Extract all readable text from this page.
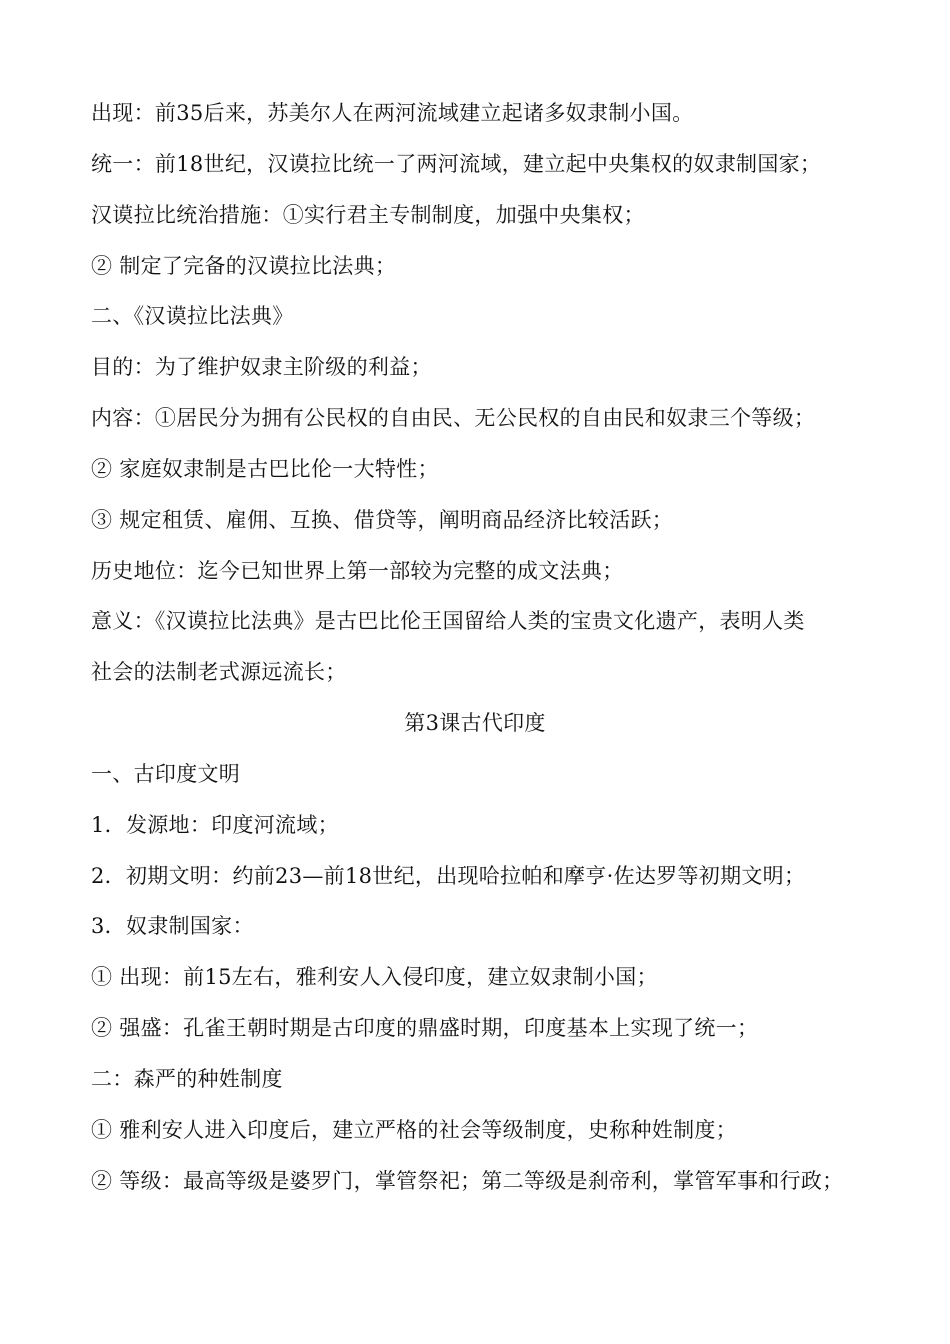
出现：前35后来，苏美尔人在两河流域建立起诸多奴隶制小国。
统一：前18世纪，汉谟拉比统一了两河流域，建立起中央集权的奴隶制国家；
汉谟拉比统治措施：①实行君主专制制度，加强中央集权；
② 制定了完备的汉谟拉比法典；
二、《汉谟拉比法典》
目的：为了维护奴隶主阶级的利益；
内容：①居民分为拥有公民权的自由民、无公民权的自由民和奴隶三个等级；
② 家庭奴隶制是古巴比伦一大特性；
③ 规定租赁、雇佣、互换、借贷等，阐明商品经济比较活跃；
历史地位：迄今已知世界上第一部较为完整的成文法典；
意义：《汉谟拉比法典》是古巴比伦王国留给人类的宝贵文化遗产，表明人类
社会的法制老式源远流长；
第3课古代印度
一、古印度文明
1．发源地：印度河流域；
2．初期文明：约前23—前18世纪，出现哈拉帕和摩亨·佐达罗等初期文明；
3．奴隶制国家：
① 出现：前15左右，雅利安人入侵印度，建立奴隶制小国；
② 强盛：孔雀王朝时期是古印度的鼎盛时期，印度基本上实现了统一；
二：森严的种姓制度
① 雅利安人进入印度后，建立严格的社会等级制度，史称种姓制度；
② 等级：最高等级是婆罗门，掌管祭祀；第二等级是刹帝利，掌管军事和行政；
